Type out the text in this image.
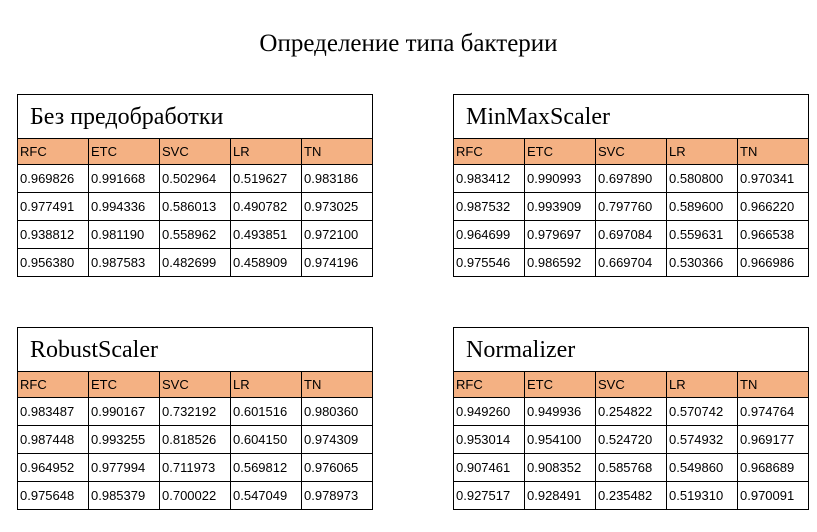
Определение типа бактерии
Без предобработки
RFC	ETC	SVC	LR	TN
0.969826	0.991668	0.502964	0.519627	0.983186
0.977491	0.994336	0.586013	0.490782	0.973025
0.938812	0.981190	0.558962	0.493851	0.972100
0.956380	0.987583	0.482699	0.458909	0.974196
MinMaxScaler
RFC	ETC	SVC	LR	TN
0.983412	0.990993	0.697890	0.580800	0.970341
0.987532	0.993909	0.797760	0.589600	0.966220
0.964699	0.979697	0.697084	0.559631	0.966538
0.975546	0.986592	0.669704	0.530366	0.966986
RobustScaler
RFC	ETC	SVC	LR	TN
0.983487	0.990167	0.732192	0.601516	0.980360
0.987448	0.993255	0.818526	0.604150	0.974309
0.964952	0.977994	0.711973	0.569812	0.976065
0.975648	0.985379	0.700022	0.547049	0.978973
Normalizer
RFC	ETC	SVC	LR	TN
0.949260	0.949936	0.254822	0.570742	0.974764
0.953014	0.954100	0.524720	0.574932	0.969177
0.907461	0.908352	0.585768	0.549860	0.968689
0.927517	0.928491	0.235482	0.519310	0.970091
